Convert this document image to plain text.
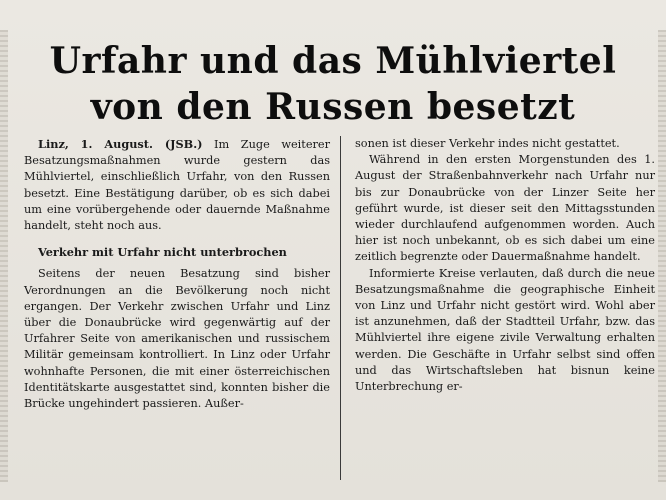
Urfahr und das Mühlviertel von den Russen besetzt

Linz, 1. August. (JSB.) Im Zuge weiterer Besatzungsmaßnahmen wurde gestern das Mühlviertel, einschließlich Urfahr, von den Russen besetzt. Eine Bestätigung darüber, ob es sich dabei um eine vorübergehende oder dauernde Maßnahme handelt, steht noch aus.

Verkehr mit Urfahr nicht unterbrochen

Seitens der neuen Besatzung sind bisher Verordnungen an die Bevölkerung noch nicht ergangen. Der Verkehr zwischen Urfahr und Linz über die Donaubrücke wird gegenwärtig auf der Urfahrer Seite von amerikanischen und russischem Militär gemeinsam kontrolliert. In Linz oder Urfahr wohnhafte Personen, die mit einer österreichischen Identitätskarte ausgestattet sind, konnten bisher die Brücke ungehindert passieren. Außer-

sonen ist dieser Verkehr indes nicht gestattet.

Während in den ersten Morgenstunden des 1. August der Straßenbahnverkehr nach Urfahr nur bis zur Donaubrücke von der Linzer Seite her geführt wurde, ist dieser seit den Mittagsstunden wieder durchlaufend aufgenommen worden. Auch hier ist noch unbekannt, ob es sich dabei um eine zeitlich begrenzte oder Dauermaßnahme handelt.

Informierte Kreise verlauten, daß durch die neue Besatzungsmaßnahme die geographische Einheit von Linz und Urfahr nicht gestört wird. Wohl aber ist anzunehmen, daß der Stadtteil Urfahr, bzw. das Mühlviertel ihre eigene zivile Verwaltung erhalten werden. Die Geschäfte in Urfahr selbst sind offen und das Wirtschaftsleben hat bisnun keine Unterbrechung er-
